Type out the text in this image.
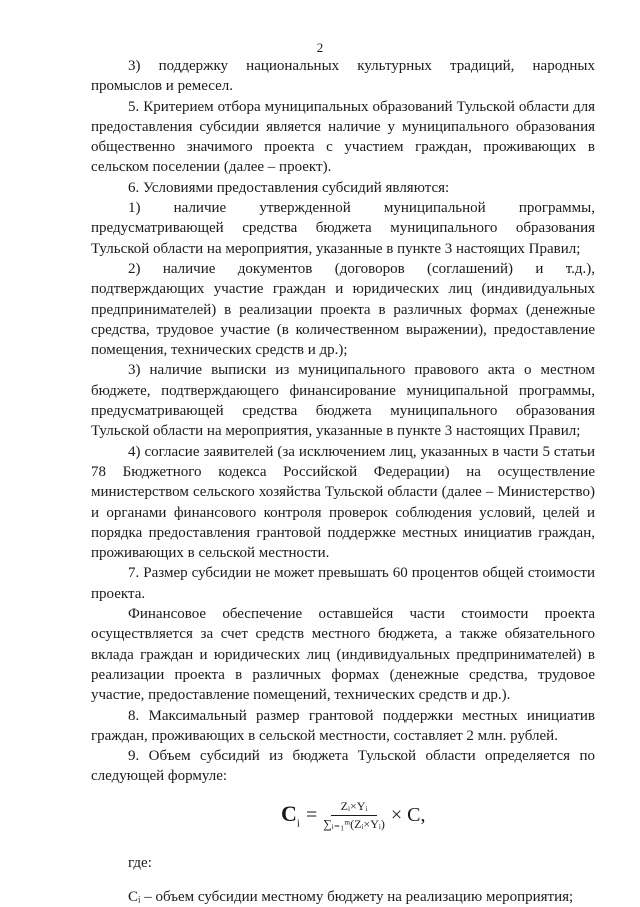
2

3) поддержку национальных культурных традиций, народных промыслов и ремесел.

5. Критерием отбора муниципальных образований Тульской области для предоставления субсидии является наличие у муниципального образования общественно значимого проекта с участием граждан, проживающих в сельском поселении (далее – проект).

6. Условиями предоставления субсидий являются:

1) наличие утвержденной муниципальной программы, предусматривающей средства бюджета муниципального образования Тульской области на мероприятия, указанные в пункте 3 настоящих Правил;

2) наличие документов (договоров (соглашений) и т.д.), подтверждающих участие граждан и юридических лиц (индивидуальных предпринимателей) в реализации проекта в различных формах (денежные средства, трудовое участие (в количественном выражении), предоставление помещения, технических средств и др.);

3) наличие выписки из муниципального правового акта о местном бюджете, подтверждающего финансирование муниципальной программы, предусматривающей средства бюджета муниципального образования Тульской области на мероприятия, указанные в пункте 3 настоящих Правил;

4) согласие заявителей (за исключением лиц, указанных в части 5 статьи 78 Бюджетного кодекса Российской Федерации) на осуществление министерством сельского хозяйства Тульской области (далее – Министерство) и органами финансового контроля проверок соблюдения условий, целей и порядка предоставления грантовой поддержке местных инициатив граждан, проживающих в сельской местности.

7. Размер субсидии не может превышать 60 процентов общей стоимости проекта.

Финансовое обеспечение оставшейся части стоимости проекта осуществляется за счет средств местного бюджета, а также обязательного вклада граждан и юридических лиц (индивидуальных предпринимателей) в реализации проекта в различных формах (денежные средства, трудовое участие, предоставление помещений, технических средств и др.).

8. Максимальный размер грантовой поддержки местных инициатив граждан, проживающих в сельской местности, составляет 2 млн. рублей.

9. Объем субсидий из бюджета Тульской области определяется по следующей формуле:

$C_i = \frac{\text{Zᵢ×Yᵢ}}{\text{∑ᵢ₌₁ᵐ(Zᵢ×Yᵢ)}} \times C$,
где:

Cᵢ – объем субсидии местному бюджету на реализацию мероприятия;
